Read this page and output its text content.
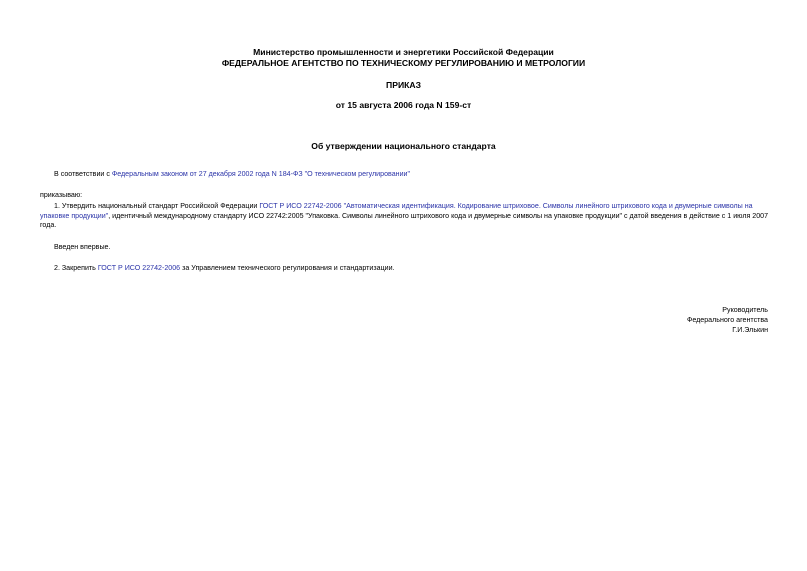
Министерство промышленности и энергетики Российской Федерации
ФЕДЕРАЛЬНОЕ АГЕНТСТВО ПО ТЕХНИЧЕСКОМУ РЕГУЛИРОВАНИЮ И МЕТРОЛОГИИ
ПРИКАЗ
от 15 августа 2006 года N 159-ст
Об утверждении национального стандарта
В соответствии с Федеральным законом от 27 декабря 2002 года N 184-ФЗ "О техническом регулировании"
приказываю:
1. Утвердить национальный стандарт Российской Федерации ГОСТ Р ИСО 22742-2006 "Автоматическая идентификация. Кодирование штриховое. Символы линейного штрихового кода и двумерные символы на упаковке продукции", идентичный международному стандарту ИСО 22742:2005 "Упаковка. Символы линейного штрихового кода и двумерные символы на упаковке продукции" с датой введения в действие с 1 июля 2007 года.
Введен впервые.
2. Закрепить ГОСТ Р ИСО 22742-2006 за Управлением технического регулирования и стандартизации.
Руководитель
Федерального агентства
Г.И.Элькин
